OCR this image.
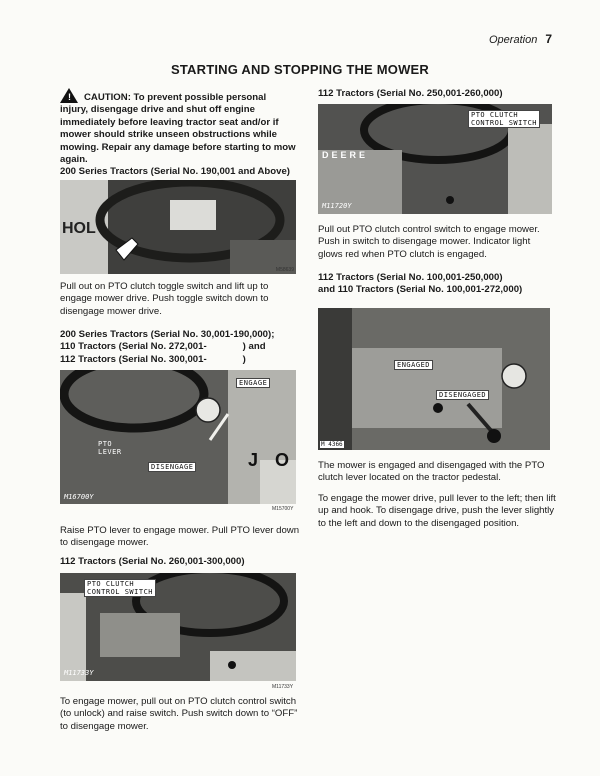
Operation 7
STARTING AND STOPPING THE MOWER
! CAUTION: To prevent possible personal injury, disengage drive and shut off engine immediately before leaving tractor seat and/or if mower should strike unseen obstructions while mowing. Repair any damage before starting to mow again.
200 Series Tractors (Serial No. 190,001 and Above)
HOL
M58639
Pull out on PTO clutch toggle switch and lift up to engage mower drive. Push toggle switch down to disengage mower drive.
200 Series Tractors (Serial No. 30,001-190,000);
110 Tractors (Serial No. 272,001-	) and
112 Tractors (Serial No. 300,001-	)
ENGAGE
PTO
LEVER
DISENGAGE	J O
M16700Y
M15700Y
Raise PTO lever to engage mower. Pull PTO lever down to disengage mower.
112 Tractors (Serial No. 260,001-300,000)
PTO CLUTCH
CONTROL SWITCH
M11733Y
M11733Y
To engage mower, pull out on PTO clutch control switch (to unlock) and raise switch. Push switch down to “OFF” to disengage mower.
112 Tractors (Serial No. 250,001-260,000)
PTO CLUTCH
CONTROL SWITCH
DEERE
M11720Y
Pull out PTO clutch control switch to engage mower. Push in switch to disengage mower. Indicator light glows red when PTO clutch is engaged.
112 Tractors (Serial No. 100,001-250,000)
and 110 Tractors (Serial No. 100,001-272,000)
ENGAGED
DISENGAGED
M 4366
The mower is engaged and disengaged with the PTO clutch lever located on the tractor pedestal.
To engage the mower drive, pull lever to the left; then lift up and hook. To disengage drive, push the lever slightly to the left and down to the disengaged position.
